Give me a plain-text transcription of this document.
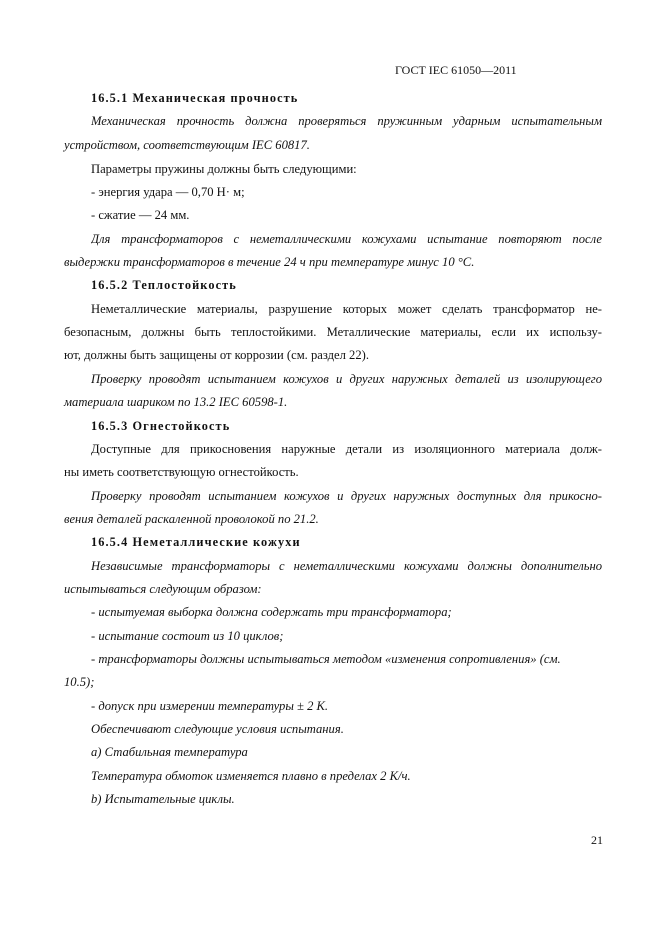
ГОСТ IEC 61050—2011
16.5.1 Механическая прочность
Механическая прочность должна проверяться пружинным ударным испытательным
устройством, соответствующим IEC 60817.
Параметры пружины должны быть следующими:
- энергия удара — 0,70 Н· м;
- сжатие — 24 мм.
Для трансформаторов с неметаллическими кожухами испытание повторяют после
выдержки трансформаторов в течение 24 ч при температуре минус 10 °С.
16.5.2 Теплостойкость
Неметаллические материалы, разрушение которых может сделать трансформатор не-
безопасным, должны быть теплостойкими. Металлические материалы, если их использу-
ют, должны быть защищены от коррозии (см. раздел 22).
Проверку проводят испытанием кожухов и других наружных деталей из изолирующего
материала шариком по 13.2 IEC 60598-1.
16.5.3 Огнестойкость
Доступные для прикосновения наружные детали из изоляционного материала долж-
ны иметь соответствующую огнестойкость.
Проверку проводят испытанием кожухов и других наружных доступных для прикосно-
вения деталей раскаленной проволокой по 21.2.
16.5.4 Неметаллические кожухи
Независимые трансформаторы с неметаллическими кожухами должны дополнительно
испытываться следующим образом:
- испытуемая выборка должна содержать три трансформатора;
- испытание состоит из 10 циклов;
- трансформаторы должны испытываться методом «изменения сопротивления» (см.
10.5);
- допуск при измерении температуры ± 2 К.
Обеспечивают следующие условия испытания.
а) Стабильная температура
Температура обмоток изменяется плавно в пределах 2 К/ч.
b) Испытательные циклы.
21
